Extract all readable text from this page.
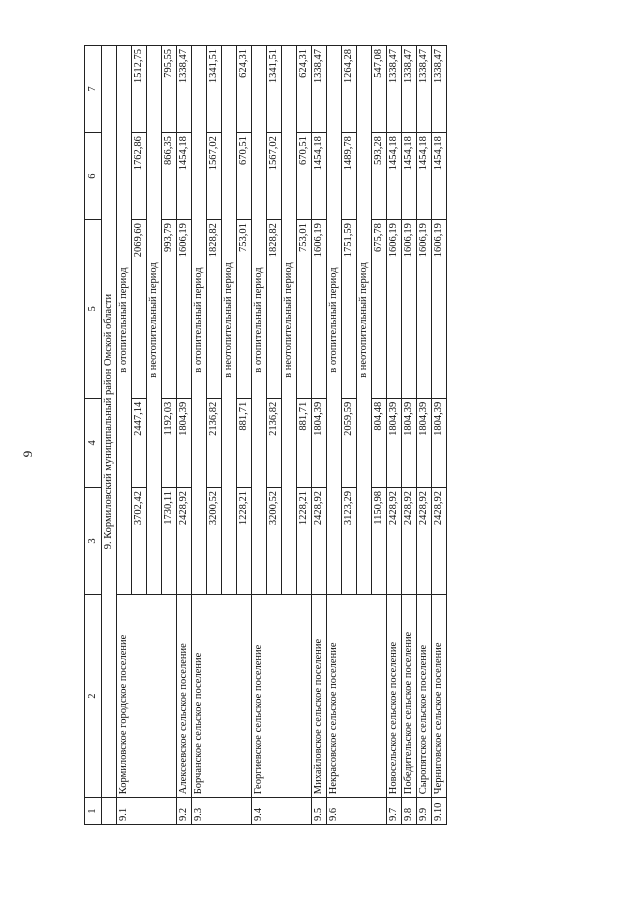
9
1	2	3	4	5	6	7
	9. Кормиловский муниципальный район Омской области					
9.1	Кормиловское городское поселение	в отопительный период				
		3702,42	2447,14	2069,60	1762,86	1512,75
		в неотопительный период				
		1730,11	1192,03	993,79	866,35	795,55
9.2	Алексеевское сельское поселение	2428,92	1804,39	1606,19	1454,18	1338,47
9.3	Борчанское сельское поселение	в отопительный период				
		3200,52	2136,82	1828,82	1567,02	1341,51
		в неотопительный период				
		1228,21	881,71	753,01	670,51	624,31
9.4	Георгиевское сельское поселение	в отопительный период				
		3200,52	2136,82	1828,82	1567,02	1341,51
		в неотопительный период				
		1228,21	881,71	753,01	670,51	624,31
9.5	Михайловское сельское поселение	2428,92	1804,39	1606,19	1454,18	1338,47
9.6	Некрасовское сельское поселение	в отопительный период				
		3123,29	2059,59	1751,59	1489,78	1264,28
		в неотопительный период				
		1150,98	804,48	675,78	593,28	547,08
9.7	Новосельское сельское поселение	2428,92	1804,39	1606,19	1454,18	1338,47
9.8	Победительское сельское поселение	2428,92	1804,39	1606,19	1454,18	1338,47
9.9	Сыропятское сельское поселение	2428,92	1804,39	1606,19	1454,18	1338,47
9.10	Черниговское сельское поселение	2428,92	1804,39	1606,19	1454,18	1338,47
